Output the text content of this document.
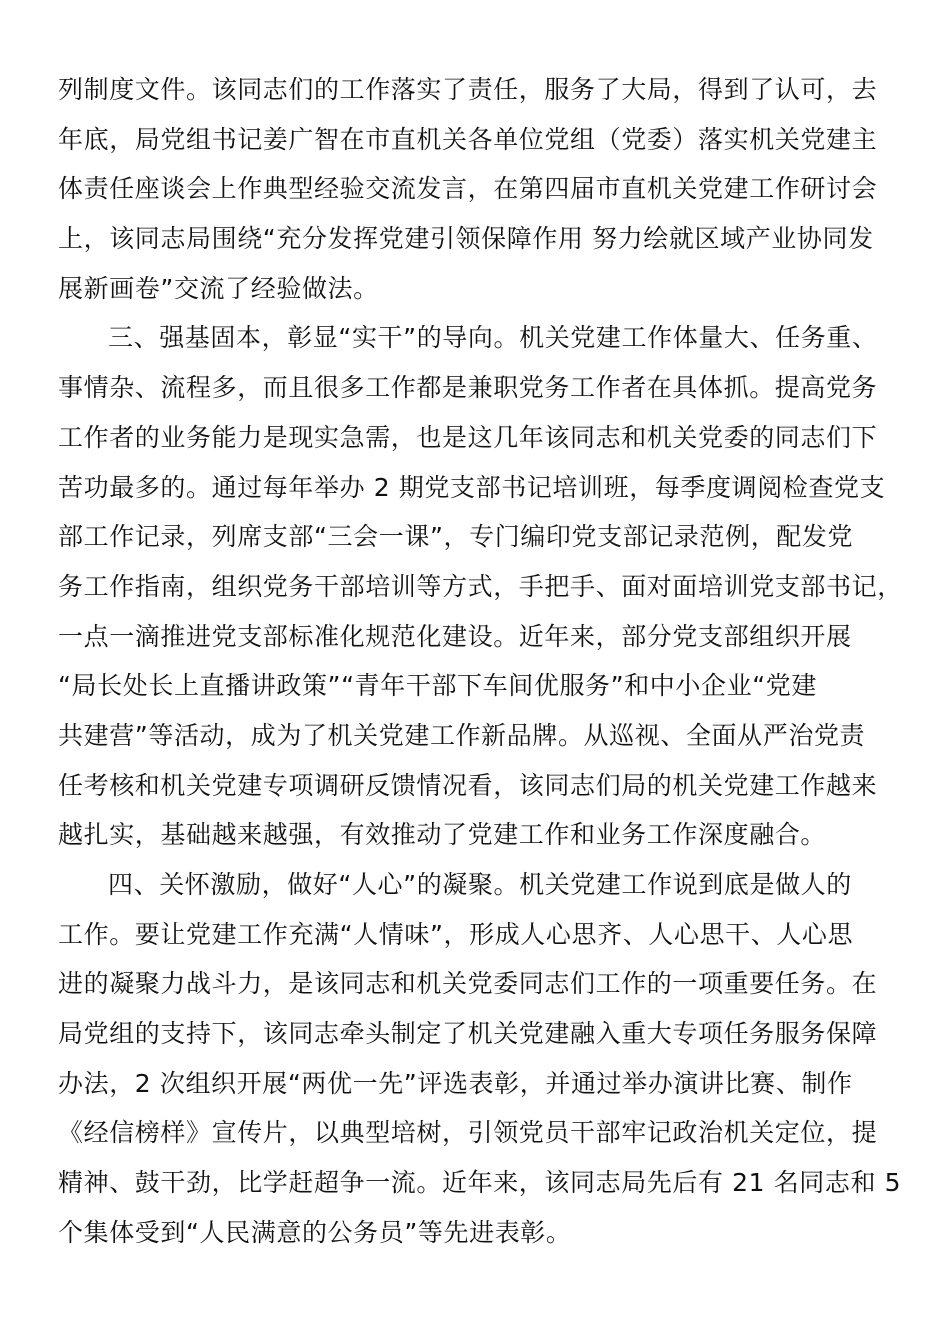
列制度文件。该同志们的工作落实了责任，服务了大局，得到了认可，去
年底，局党组书记姜广智在市直机关各单位党组（党委）落实机关党建主
体责任座谈会上作典型经验交流发言，在第四届市直机关党建工作研讨会
上，该同志局围绕“充分发挥党建引领保障作用 努力绘就区域产业协同发
展新画卷”交流了经验做法。
三、强基固本，彰显“实干”的导向。机关党建工作体量大、任务重、
事情杂、流程多，而且很多工作都是兼职党务工作者在具体抓。提高党务
工作者的业务能力是现实急需，也是这几年该同志和机关党委的同志们下
苦功最多的。通过每年举办 2 期党支部书记培训班，每季度调阅检查党支
部工作记录，列席支部“三会一课”，专门编印党支部记录范例，配发党
务工作指南，组织党务干部培训等方式，手把手、面对面培训党支部书记，
一点一滴推进党支部标准化规范化建设。近年来，部分党支部组织开展
“局长处长上直播讲政策”“青年干部下车间优服务”和中小企业“党建
共建营”等活动，成为了机关党建工作新品牌。从巡视、全面从严治党责
任考核和机关党建专项调研反馈情况看，该同志们局的机关党建工作越来
越扎实，基础越来越强，有效推动了党建工作和业务工作深度融合。
四、关怀激励，做好“人心”的凝聚。机关党建工作说到底是做人的
工作。要让党建工作充满“人情味”，形成人心思齐、人心思干、人心思
进的凝聚力战斗力，是该同志和机关党委同志们工作的一项重要任务。在
局党组的支持下，该同志牵头制定了机关党建融入重大专项任务服务保障
办法，2 次组织开展“两优一先”评选表彰，并通过举办演讲比赛、制作
《经信榜样》宣传片，以典型培树，引领党员干部牢记政治机关定位，提
精神、鼓干劲，比学赶超争一流。近年来，该同志局先后有 21 名同志和 5
个集体受到“人民满意的公务员”等先进表彰。
